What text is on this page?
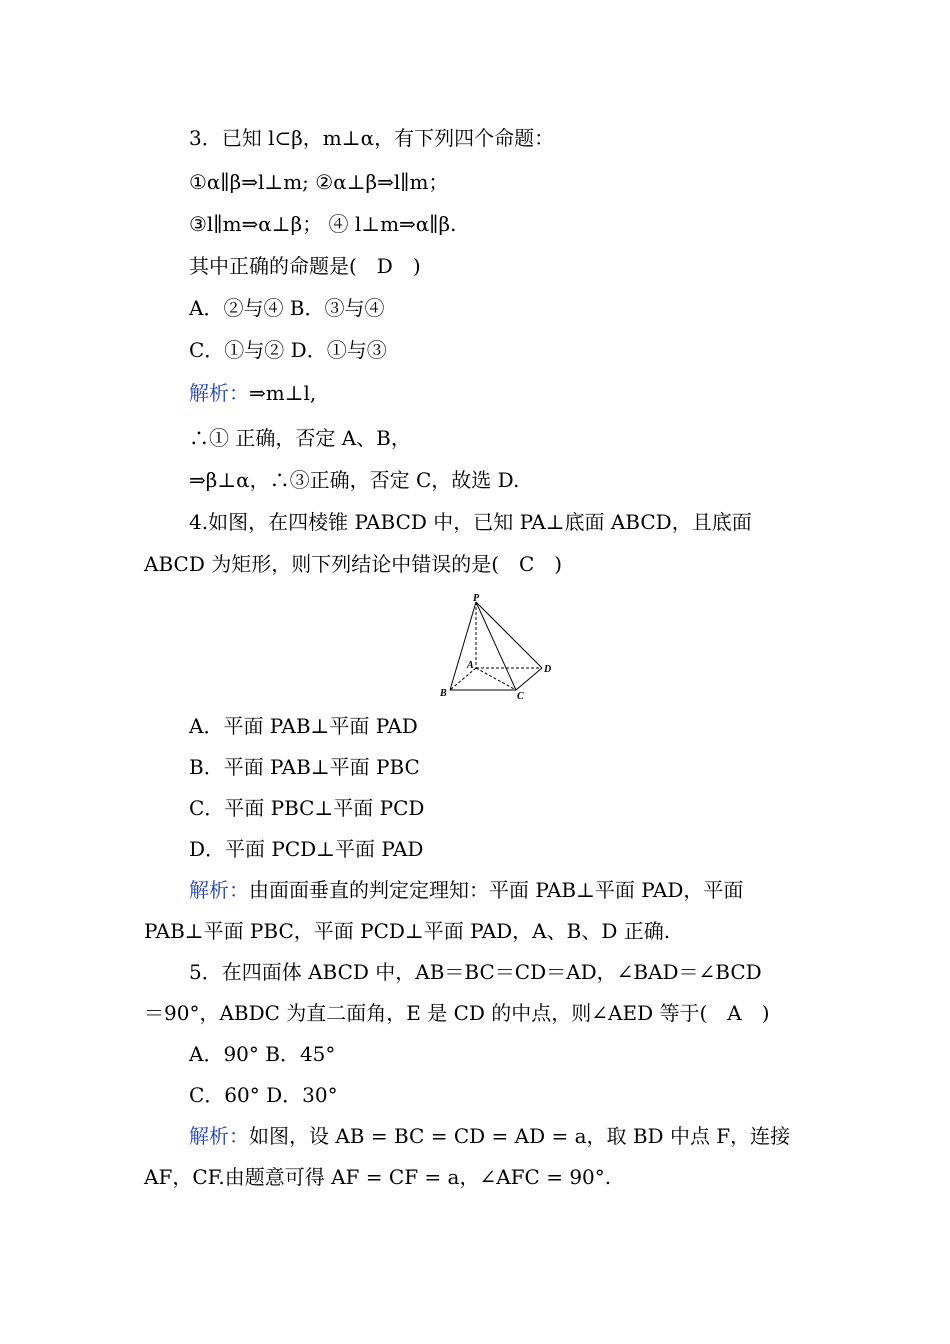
3．已知 l⊂β，m⊥α，有下列四个命题：
①α∥β⇒l⊥m; ②α⊥β⇒l∥m；
③l∥m⇒α⊥β； ④ l⊥m⇒α∥β.
其中正确的命题是(　D　)
A．②与④ B．③与④
C．①与② D．①与③
解析：⇒m⊥l,
∴① 正确，否定 A、B，
⇒β⊥α，∴③正确，否定 C，故选 D.
4.如图，在四棱锥 PABCD 中，已知 PA⊥底面 ABCD，且底面
ABCD 为矩形，则下列结论中错误的是(　C　)
P
A
B	C
D
A．平面 PAB⊥平面 PAD
B．平面 PAB⊥平面 PBC
C．平面 PBC⊥平面 PCD
D．平面 PCD⊥平面 PAD
解析：由面面垂直的判定定理知：平面 PAB⊥平面 PAD，平面
PAB⊥平面 PBC，平面 PCD⊥平面 PAD，A、B、D 正确.
5．在四面体 ABCD 中，AB＝BC＝CD＝AD，∠BAD＝∠BCD
＝90°，ABDC 为直二面角，E 是 CD 的中点，则∠AED 等于(　A　)
A．90° B．45°
C．60° D．30°
解析：如图，设 AB = BC = CD = AD = a，取 BD 中点 F，连接
AF，CF.由题意可得 AF = CF = a，∠AFC = 90°.
